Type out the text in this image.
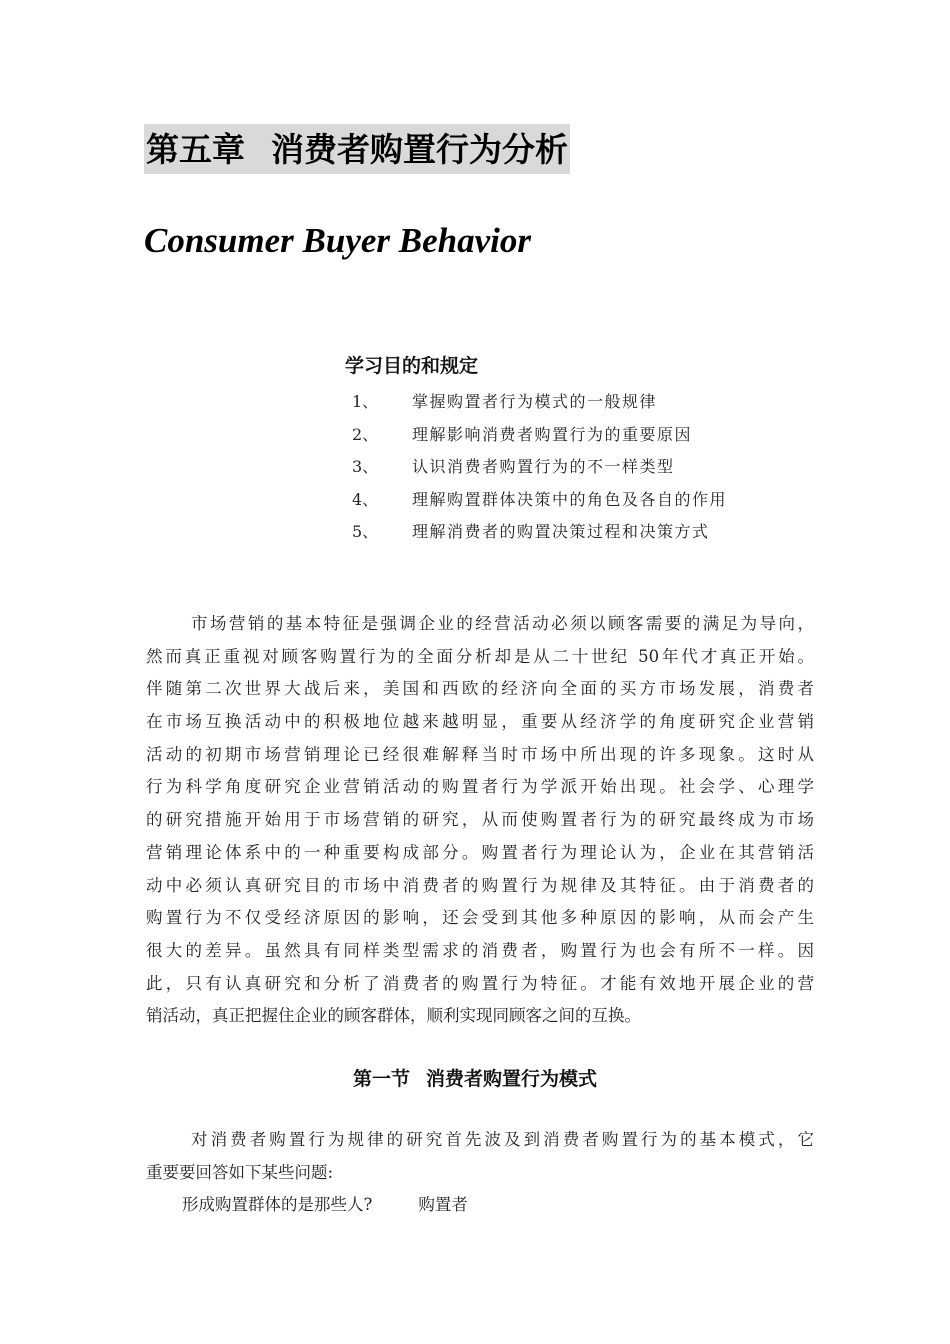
第五章 消费者购置行为分析
Consumer Buyer Behavior
学习目的和规定
1、 掌握购置者行为模式的一般规律
2、 理解影响消费者购置行为的重要原因
3、 认识消费者购置行为的不一样类型
4、 理解购置群体决策中的角色及各自的作用
5、 理解消费者的购置决策过程和决策方式
市场营销的基本特征是强调企业的经营活动必须以顾客需要的满足为导向，
然而真正重视对顾客购置行为的全面分析却是从二十世纪 50年代才真正开始。
伴随第二次世界大战后来，美国和西欧的经济向全面的买方市场发展，消费者
在市场互换活动中的积极地位越来越明显，重要从经济学的角度研究企业营销
活动的初期市场营销理论已经很难解释当时市场中所出现的许多现象。这时从
行为科学角度研究企业营销活动的购置者行为学派开始出现。社会学、心理学
的研究措施开始用于市场营销的研究，从而使购置者行为的研究最终成为市场
营销理论体系中的一种重要构成部分。购置者行为理论认为，企业在其营销活
动中必须认真研究目的市场中消费者的购置行为规律及其特征。由于消费者的
购置行为不仅受经济原因的影响，还会受到其他多种原因的影响，从而会产生
很大的差异。虽然具有同样类型需求的消费者，购置行为也会有所不一样。因
此，只有认真研究和分析了消费者的购置行为特征。才能有效地开展企业的营
销活动，真正把握住企业的顾客群体，顺利实现同顾客之间的互换。
第一节 消费者购置行为模式
对消费者购置行为规律的研究首先波及到消费者购置行为的基本模式，它
重要要回答如下某些问题:
形成购置群体的是那些人?	购置者
